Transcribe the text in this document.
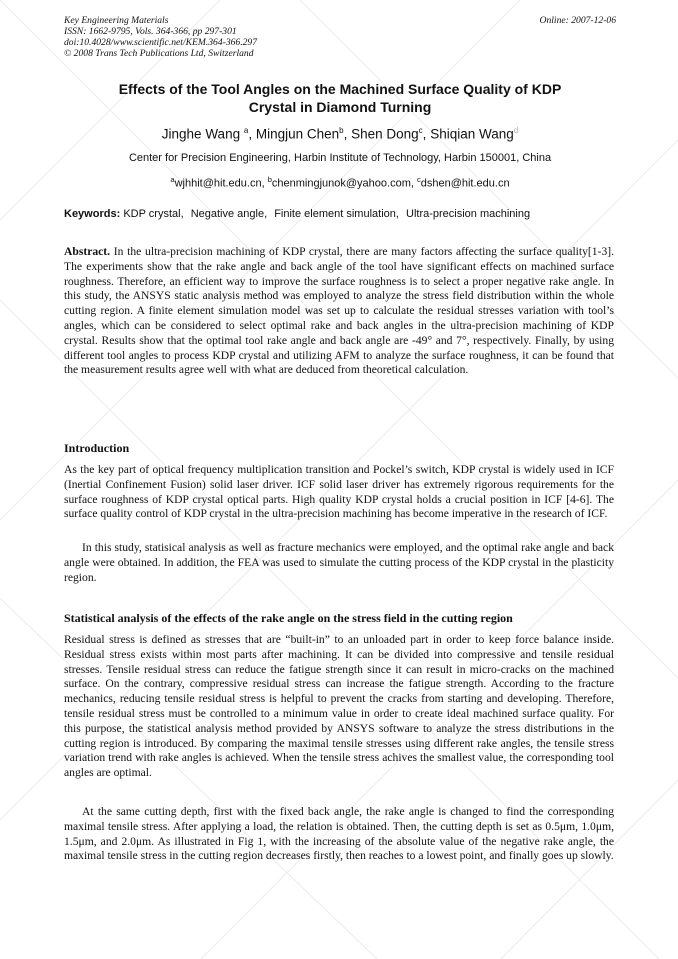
Key Engineering Materials
ISSN: 1662-9795, Vols. 364-366, pp 297-301
doi:10.4028/www.scientific.net/KEM.364-366.297
© 2008 Trans Tech Publications Ltd, Switzerland
Online: 2007-12-06
Effects of the Tool Angles on the Machined Surface Quality of KDP
Crystal in Diamond Turning
Jinghe Wang $^a$, Mingjun Chen$^b$, Shen Dong$^c$, Shiqian Wang$^d$
Center for Precision Engineering, Harbin Institute of Technology, Harbin 150001, China
$^a$wjhhit@hit.edu.cn, $^b$chenmingjunok@yahoo.com, $^c$dshen@hit.edu.cn
Keywords: KDP crystal, Negative angle, Finite element simulation, Ultra-precision machining
Abstract. In the ultra-precision machining of KDP crystal, there are many factors affecting the surface quality[1-3]. The experiments show that the rake angle and back angle of the tool have significant effects on machined surface roughness. Therefore, an efficient way to improve the surface roughness is to select a proper negative rake angle. In this study, the ANSYS static analysis method was employed to analyze the stress field distribution within the whole cutting region. A finite element simulation model was set up to calculate the residual stresses variation with tool’s angles, which can be considered to select optimal rake and back angles in the ultra-precision machining of KDP crystal. Results show that the optimal tool rake angle and back angle are -49° and 7°, respectively. Finally, by using different tool angles to process KDP crystal and utilizing AFM to analyze the surface roughness, it can be found that the measurement results agree well with what are deduced from theoretical calculation.
Introduction
As the key part of optical frequency multiplication transition and Pockel’s switch, KDP crystal is widely used in ICF (Inertial Confinement Fusion) solid laser driver. ICF solid laser driver has extremely rigorous requirements for the surface roughness of KDP crystal optical parts. High quality KDP crystal holds a crucial position in ICF [4-6]. The surface quality control of KDP crystal in the ultra-precision machining has become imperative in the research of ICF.
In this study, statisical analysis as well as fracture mechanics were employed, and the optimal rake angle and back angle were obtained. In addition, the FEA was used to simulate the cutting process of the KDP crystal in the plasticity region.
Statistical analysis of the effects of the rake angle on the stress field in the cutting region
Residual stress is defined as stresses that are “built-in” to an unloaded part in order to keep force balance inside. Residual stress exists within most parts after machining. It can be divided into compressive and tensile residual stresses. Tensile residual stress can reduce the fatigue strength since it can result in micro-cracks on the machined surface. On the contrary, compressive residual stress can increase the fatigue strength. According to the fracture mechanics, reducing tensile residual stress is helpful to prevent the cracks from starting and developing. Therefore, tensile residual stress must be controlled to a minimum value in order to create ideal machined surface quality. For this purpose, the statistical analysis method provided by ANSYS software to analyze the stress distributions in the cutting region is introduced. By comparing the maximal tensile stresses using different rake angles, the tensile stress variation trend with rake angles is achieved. When the tensile stress achives the smallest value, the corresponding tool angles are optimal.
At the same cutting depth, first with the fixed back angle, the rake angle is changed to find the corresponding maximal tensile stress. After applying a load, the relation is obtained. Then, the cutting depth is set as 0.5μm, 1.0μm, 1.5μm, and 2.0μm. As illustrated in Fig 1, with the increasing of the absolute value of the negative rake angle, the maximal tensile stress in the cutting region decreases firstly, then reaches to a lowest point, and finally goes up slowly.
